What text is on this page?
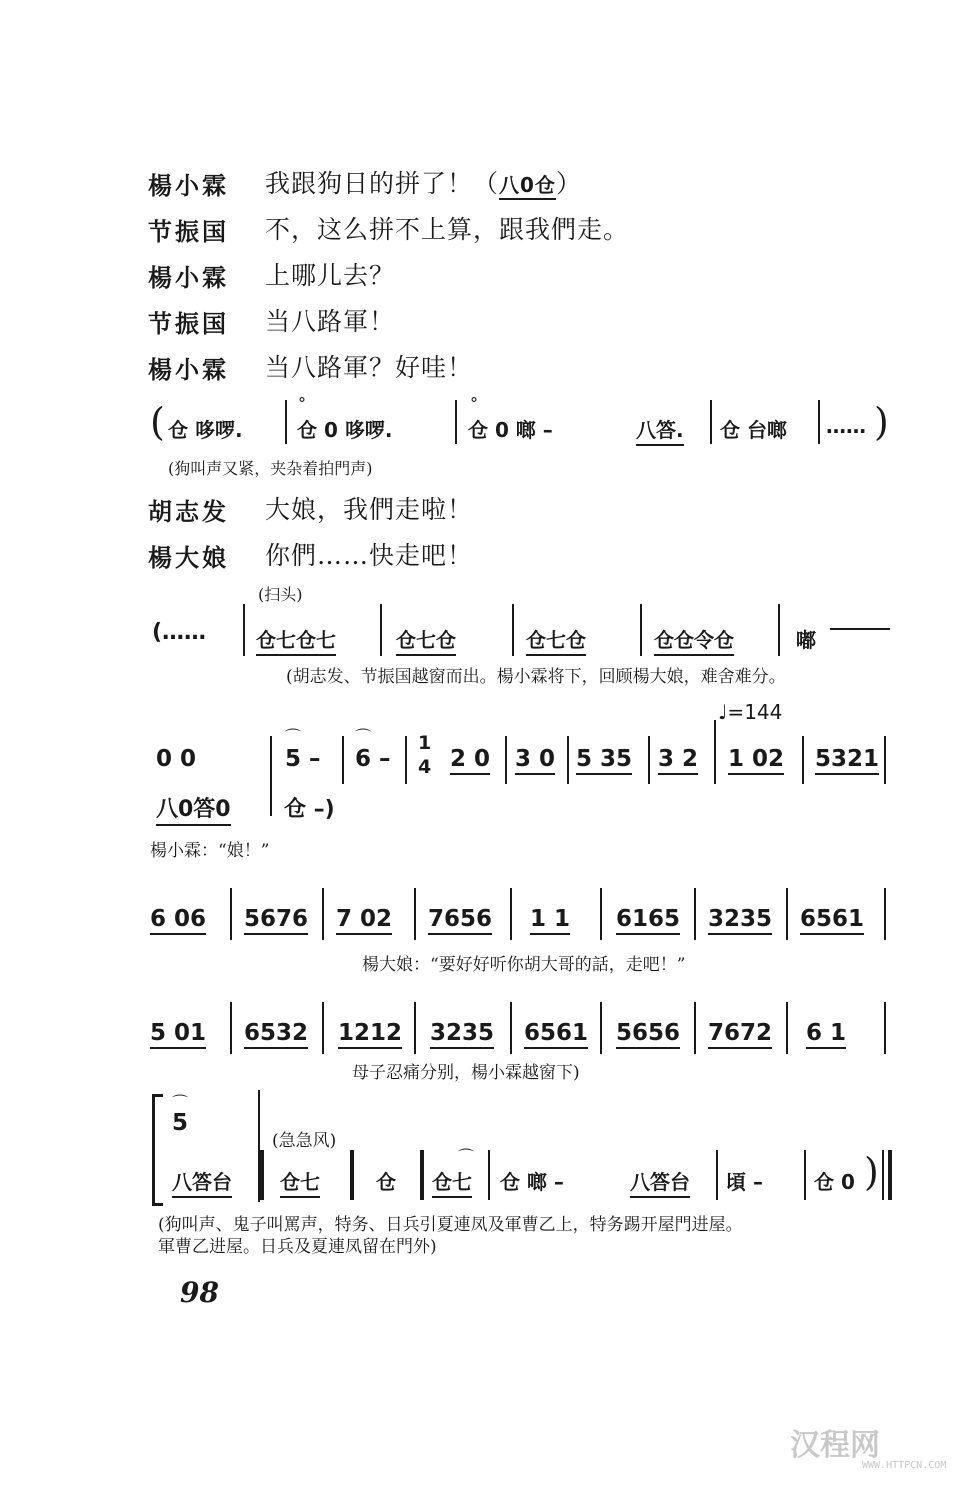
楊小霖 我跟狗日的拼了！（八0仓）
节振国 不，这么拼不上算，跟我們走。
楊小霖 上哪儿去？
节振国 当八路軍！
楊小霖 当八路軍？好哇！
( 仓 哆啰.
°
仓 0 哆啰.
°
仓 0 啷 –	八答. 仓 台啷 …… )
(狗叫声又紧，夹杂着拍門声)
胡志发 大娘，我們走啦！
楊大娘 你們……快走吧！
(扫头)
(…… 仓七仓七	仓七仓	仓七仓	仓仓令仓	嘟
(胡志发、节振国越窗而出。楊小霖将下，回顾楊大娘，难舍难分。
♩=144
0 0
⌒
5 –
⌒
6 –
1
4 2 0 3 0 5 35 3 2 1 02 5321
八0答0 仓 –)
楊小霖：“娘！”
6 06 5676 7 02 7656 1 1 6165 3235 6561
楊大娘：“要好好听你胡大哥的話，走吧！”
5 01 6532 1212 3235 6561 5656 7672 6 1
母子忍痛分别，楊小霖越窗下)
⌒
5
(急急风)
八答台 仓七	仓
⌒
仓七 仓 啷 –	八答台 頃 –	仓 0 )
(狗叫声、鬼子叫罵声，特务、日兵引夏連凤及軍曹乙上，特务踢开屋門进屋。
軍曹乙进屋。日兵及夏連凤留在門外)
98
汉程网
WWW.HTTPCN.COM
